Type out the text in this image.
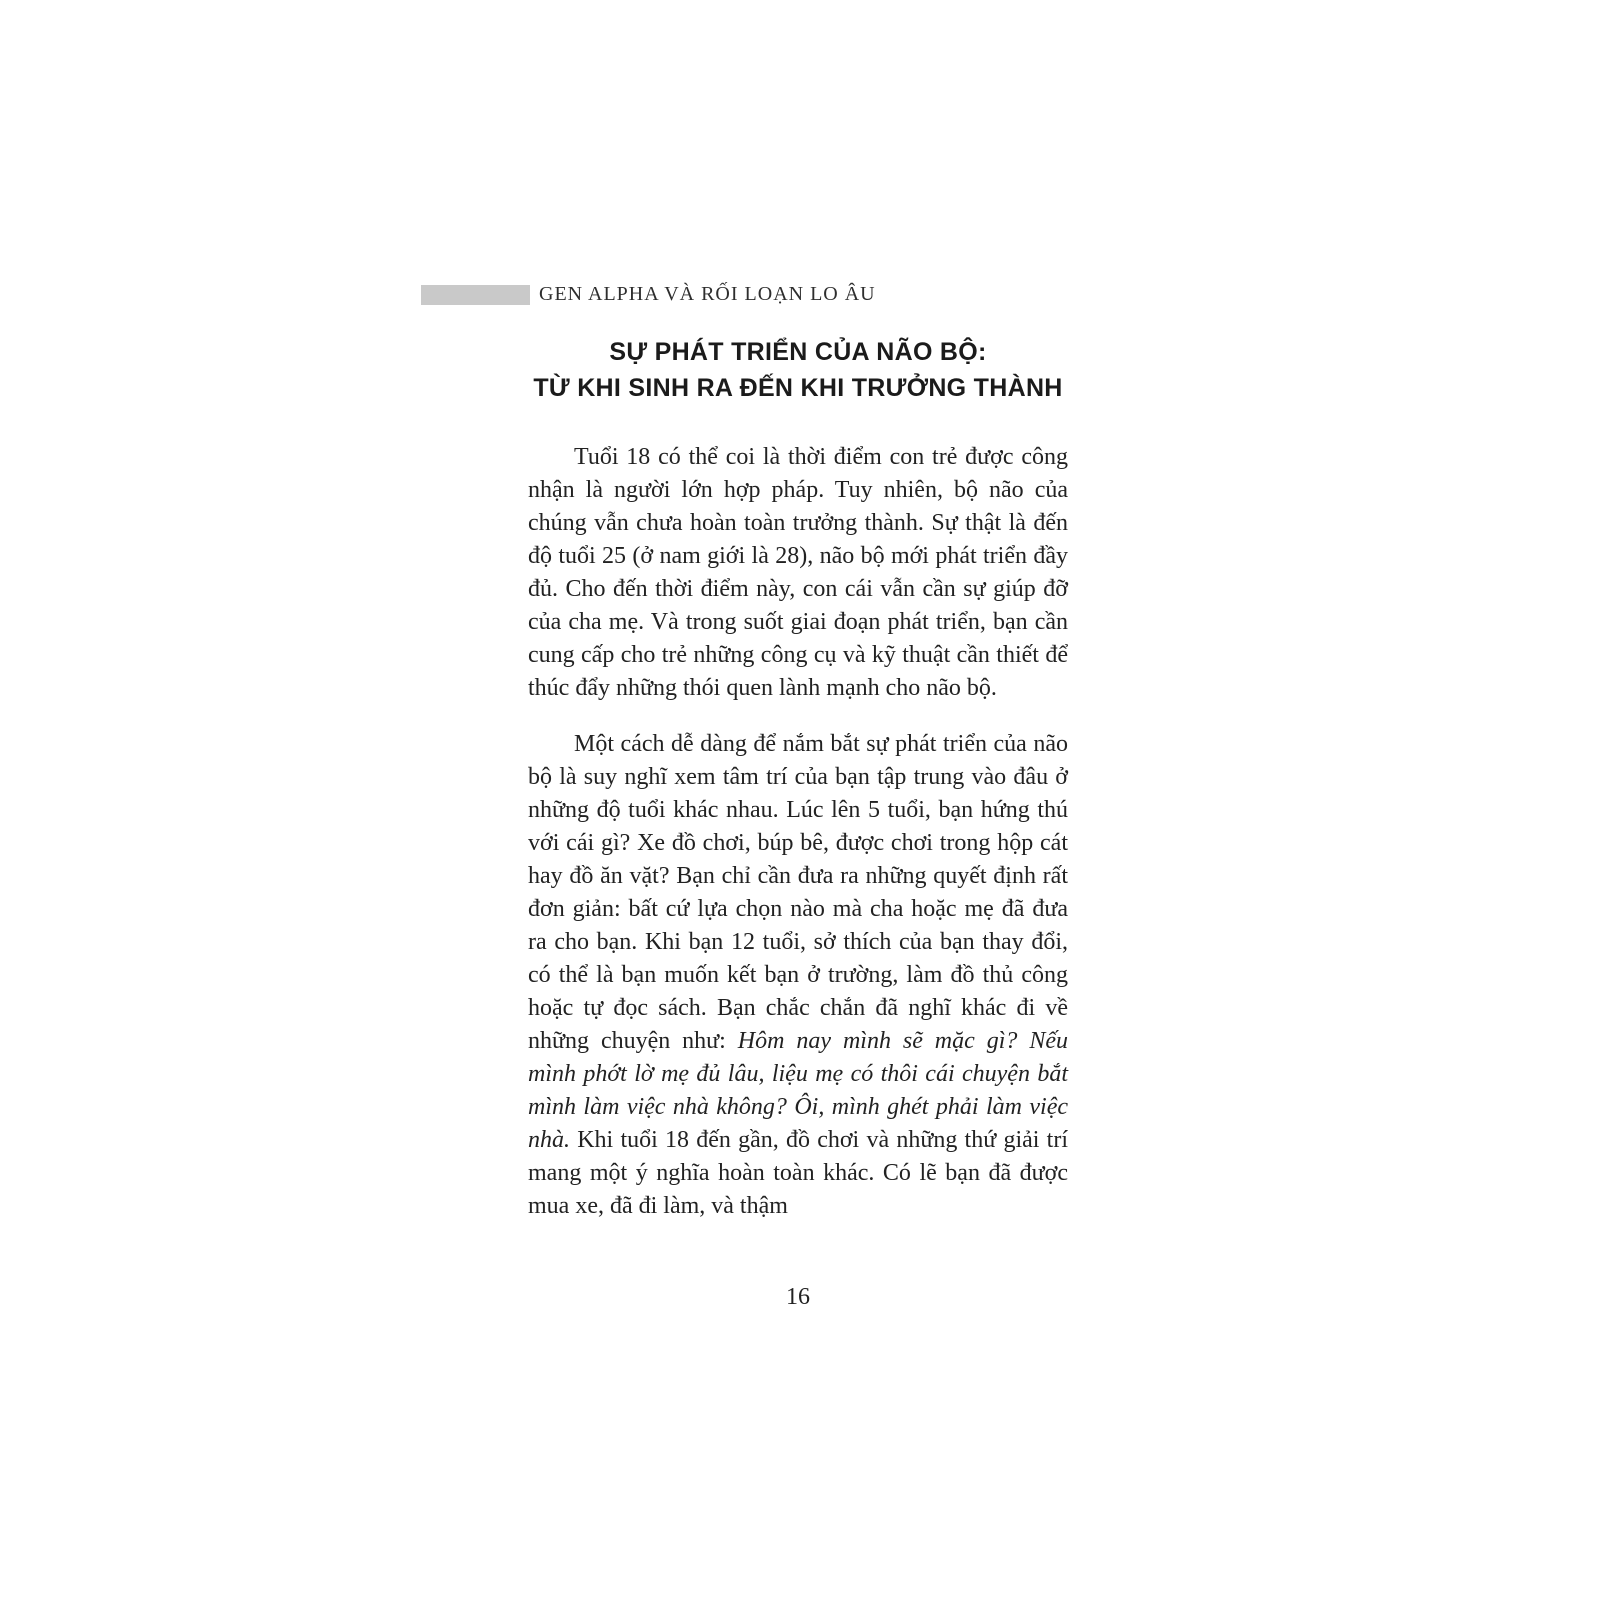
GEN ALPHA VÀ RỐI LOẠN LO ÂU
SỰ PHÁT TRIỂN CỦA NÃO BỘ:
TỪ KHI SINH RA ĐẾN KHI TRƯỞNG THÀNH

Tuổi 18 có thể coi là thời điểm con trẻ được công nhận là người lớn hợp pháp. Tuy nhiên, bộ não của chúng vẫn chưa hoàn toàn trưởng thành. Sự thật là đến độ tuổi 25 (ở nam giới là 28), não bộ mới phát triển đầy đủ. Cho đến thời điểm này, con cái vẫn cần sự giúp đỡ của cha mẹ. Và trong suốt giai đoạn phát triển, bạn cần cung cấp cho trẻ những công cụ và kỹ thuật cần thiết để thúc đẩy những thói quen lành mạnh cho não bộ.

Một cách dễ dàng để nắm bắt sự phát triển của não bộ là suy nghĩ xem tâm trí của bạn tập trung vào đâu ở những độ tuổi khác nhau. Lúc lên 5 tuổi, bạn hứng thú với cái gì? Xe đồ chơi, búp bê, được chơi trong hộp cát hay đồ ăn vặt? Bạn chỉ cần đưa ra những quyết định rất đơn giản: bất cứ lựa chọn nào mà cha hoặc mẹ đã đưa ra cho bạn. Khi bạn 12 tuổi, sở thích của bạn thay đổi, có thể là bạn muốn kết bạn ở trường, làm đồ thủ công hoặc tự đọc sách. Bạn chắc chắn đã nghĩ khác đi về những chuyện như: Hôm nay mình sẽ mặc gì? Nếu mình phớt lờ mẹ đủ lâu, liệu mẹ có thôi cái chuyện bắt mình làm việc nhà không? Ôi, mình ghét phải làm việc nhà. Khi tuổi 18 đến gần, đồ chơi và những thứ giải trí mang một ý nghĩa hoàn toàn khác. Có lẽ bạn đã được mua xe, đã đi làm, và thậm

16
